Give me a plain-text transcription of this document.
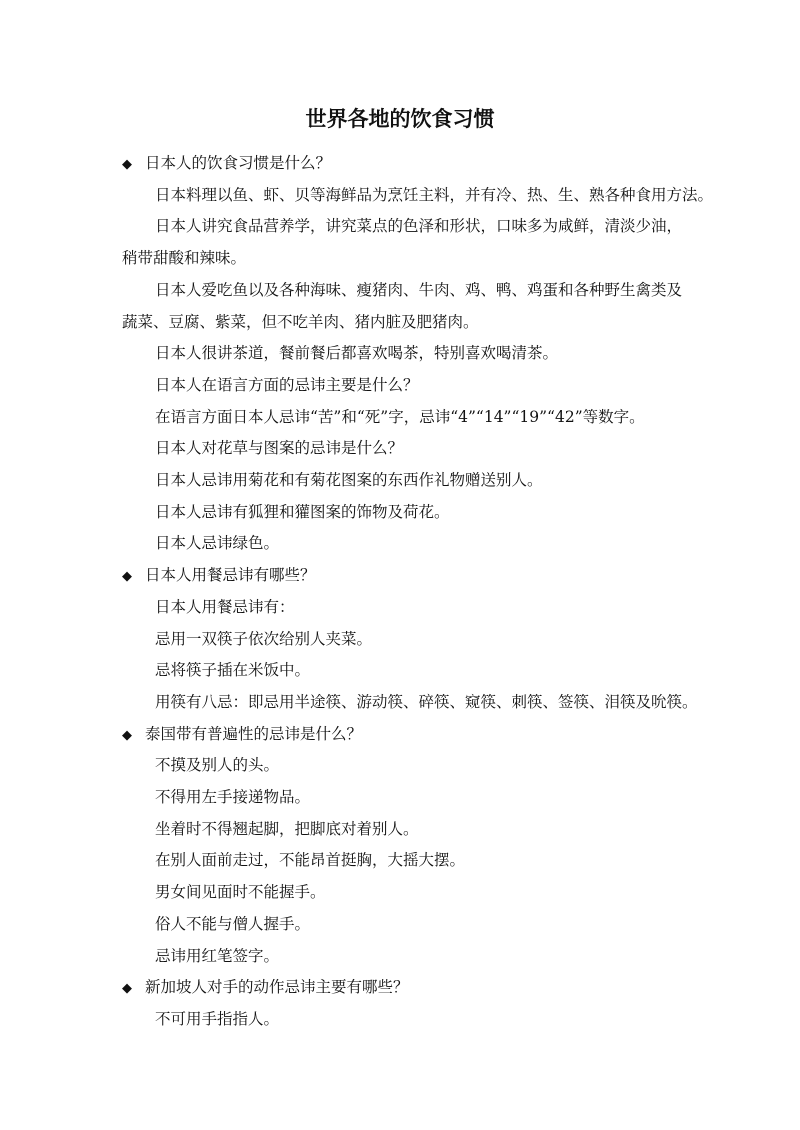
世界各地的饮食习惯
◆ 日本人的饮食习惯是什么？
日本料理以鱼、虾、贝等海鲜品为烹饪主料，并有冷、热、生、熟各种食用方法。
日本人讲究食品营养学，讲究菜点的色泽和形状，口味多为咸鲜，清淡少油，
稍带甜酸和辣味。
日本人爱吃鱼以及各种海味、瘦猪肉、牛肉、鸡、鸭、鸡蛋和各种野生禽类及
蔬菜、豆腐、紫菜，但不吃羊肉、猪内脏及肥猪肉。
日本人很讲茶道，餐前餐后都喜欢喝茶，特别喜欢喝清茶。
日本人在语言方面的忌讳主要是什么？
在语言方面日本人忌讳“苦”和“死”字，忌讳“4”“14”“19”“42”等数字。
日本人对花草与图案的忌讳是什么？
日本人忌讳用菊花和有菊花图案的东西作礼物赠送别人。
日本人忌讳有狐狸和獾图案的饰物及荷花。
日本人忌讳绿色。
◆ 日本人用餐忌讳有哪些？
日本人用餐忌讳有：
忌用一双筷子依次给别人夹菜。
忌将筷子插在米饭中。
用筷有八忌：即忌用半途筷、游动筷、碎筷、窥筷、刺筷、签筷、泪筷及吮筷。
◆ 泰国带有普遍性的忌讳是什么？
不摸及别人的头。
不得用左手接递物品。
坐着时不得翘起脚，把脚底对着别人。
在别人面前走过，不能昂首挺胸，大摇大摆。
男女间见面时不能握手。
俗人不能与僧人握手。
忌讳用红笔签字。
◆ 新加坡人对手的动作忌讳主要有哪些？
不可用手指指人。
